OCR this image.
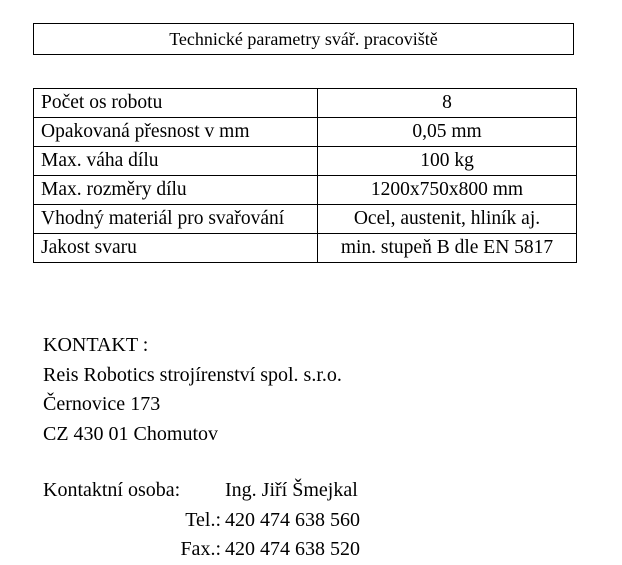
Technické parametry svář. pracoviště
Počet os robotu	8
Opakovaná přesnost v mm	0,05 mm
Max. váha dílu	100 kg
Max. rozměry dílu	1200x750x800 mm
Vhodný materiál pro svařování	Ocel, austenit, hliník aj.
Jakost svaru	min. stupeň B dle EN 5817
KONTAKT :
Reis Robotics strojírenství spol. s.r.o.
Černovice 173
CZ 430 01 Chomutov
Kontaktní osoba:	Ing. Jiří Šmejkal
Tel.: 420 474 638 560
Fax.: 420 474 638 520
